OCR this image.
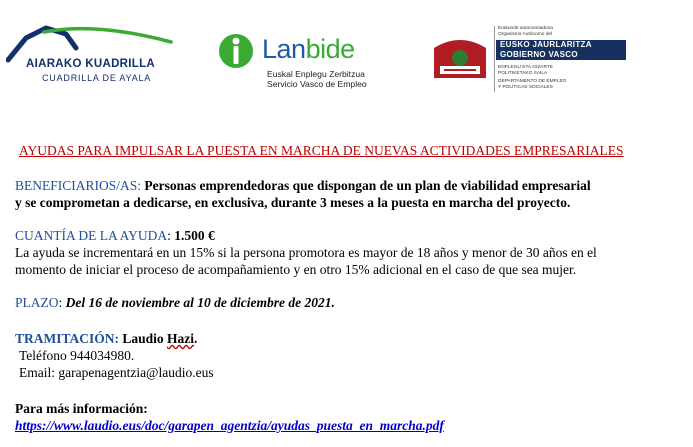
AIARAKO KUADRILLA
CUADRILLA DE AYALA
Lanbide
Euskal Enplegu Zerbitzua
Servicio Vasco de Empleo
Erakunde autonomiaduna
Organismo Autónomo del
EUSKO JAURLARITZA
GOBIERNO VASCO
ENPLEGU ETA GIZARTE
POLITIKETAKO SAILA
DEPARTAMENTO DE EMPLEO
Y POLÍTICAS SOCIALES
AYUDAS PARA IMPULSAR LA PUESTA EN MARCHA DE NUEVAS ACTIVIDADES EMPRESARIALES
BENEFICIARIOS/AS: Personas emprendedoras que dispongan de un plan de viabilidad empresarial
y se comprometan a dedicarse, en exclusiva, durante 3 meses a la puesta en marcha del proyecto.
CUANTÍA DE LA AYUDA: 1.500 €
La ayuda se incrementará en un 15% si la persona promotora es mayor de 18 años y menor de 30 años en el
momento de iniciar el proceso de acompañamiento y en otro 15% adicional en el caso de que sea mujer.
PLAZO: Del 16 de noviembre al 10 de diciembre de 2021.
TRAMITACIÓN: Laudio Hazi.
Teléfono 944034980.
Email: garapenagentzia@laudio.eus
Para más información:
https://www.laudio.eus/doc/garapen_agentzia/ayudas_puesta_en_marcha.pdf
